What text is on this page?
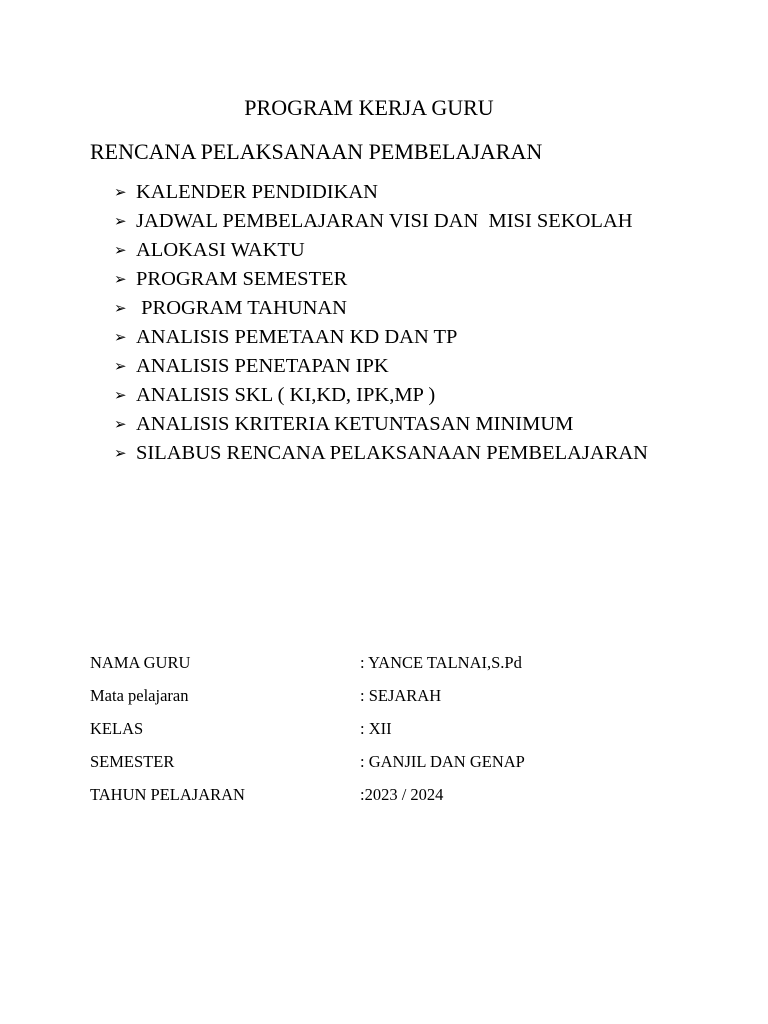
PROGRAM KERJA GURU
RENCANA PELAKSANAAN PEMBELAJARAN
➢ KALENDER PENDIDIKAN
➢ JADWAL PEMBELAJARAN VISI DAN  MISI SEKOLAH
➢ ALOKASI WAKTU
➢ PROGRAM SEMESTER
➢ PROGRAM TAHUNAN
➢ ANALISIS PEMETAAN KD DAN TP
➢ ANALISIS PENETAPAN IPK
➢ ANALISIS SKL ( KI,KD, IPK,MP )
➢ ANALISIS KRITERIA KETUNTASAN MINIMUM
➢ SILABUS RENCANA PELAKSANAAN PEMBELAJARAN
NAMA GURU	: YANCE TALNAI,S.Pd
Mata pelajaran	: SEJARAH
KELAS	: XII
SEMESTER	: GANJIL DAN GENAP
TAHUN PELAJARAN	:2023 / 2024
